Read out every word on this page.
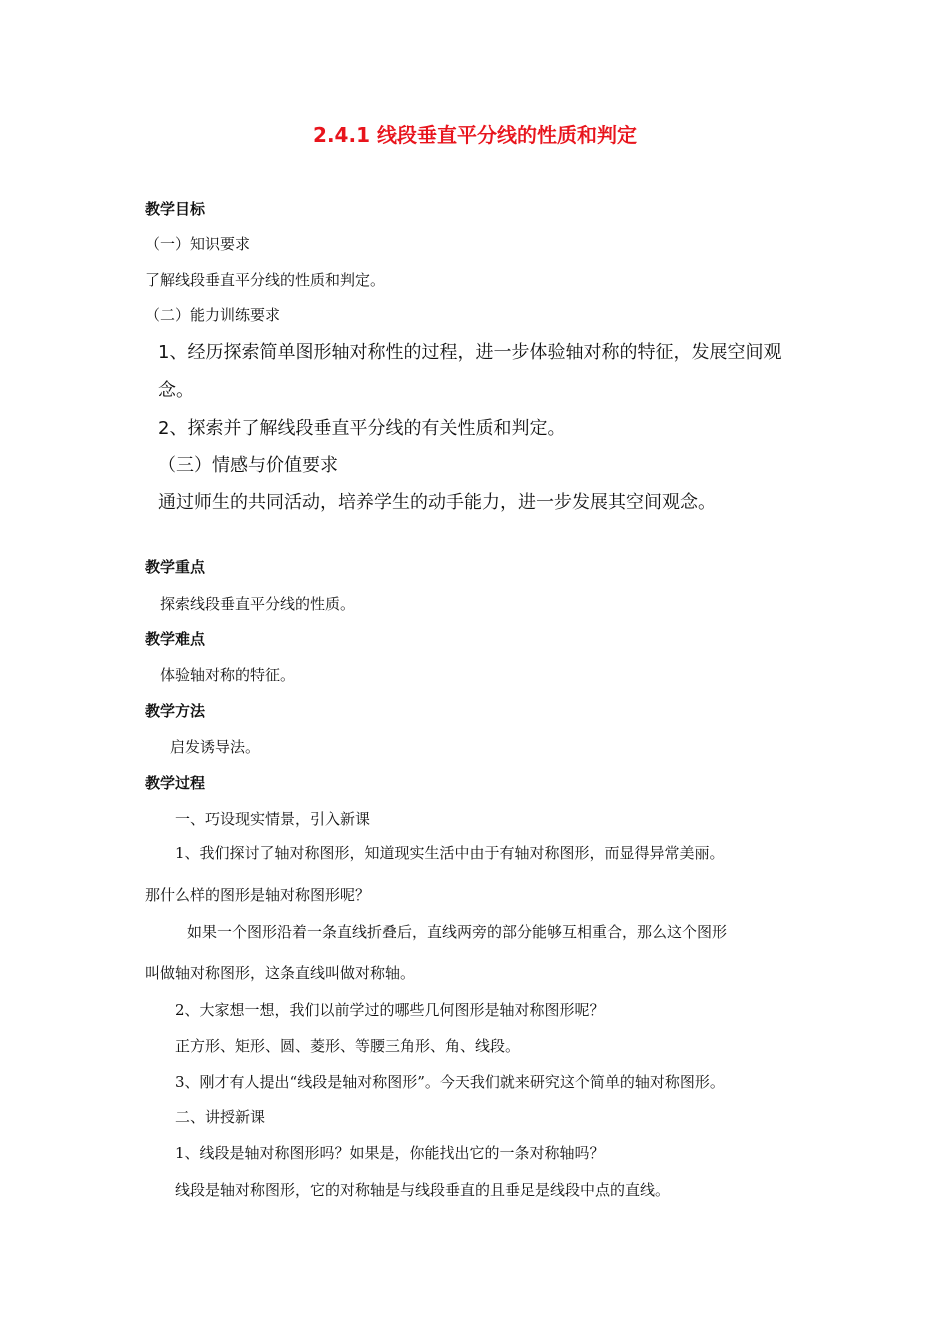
2.4.1 线段垂直平分线的性质和判定
教学目标
（一）知识要求
了解线段垂直平分线的性质和判定。
（二）能力训练要求
1、经历探索简单图形轴对称性的过程，进一步体验轴对称的特征，发展空间观
念。
2、探索并了解线段垂直平分线的有关性质和判定。
（三）情感与价值要求
通过师生的共同活动，培养学生的动手能力，进一步发展其空间观念。
教学重点
探索线段垂直平分线的性质。
教学难点
体验轴对称的特征。
教学方法
启发诱导法。
教学过程
一、巧设现实情景，引入新课
1、我们探讨了轴对称图形，知道现实生活中由于有轴对称图形，而显得异常美丽。
那什么样的图形是轴对称图形呢？
如果一个图形沿着一条直线折叠后，直线两旁的部分能够互相重合，那么这个图形
叫做轴对称图形，这条直线叫做对称轴。
2、大家想一想，我们以前学过的哪些几何图形是轴对称图形呢？
正方形、矩形、圆、菱形、等腰三角形、角、线段。
3、刚才有人提出“线段是轴对称图形”。今天我们就来研究这个简单的轴对称图形。
二、讲授新课
1、线段是轴对称图形吗？如果是，你能找出它的一条对称轴吗？
线段是轴对称图形，它的对称轴是与线段垂直的且垂足是线段中点的直线。
